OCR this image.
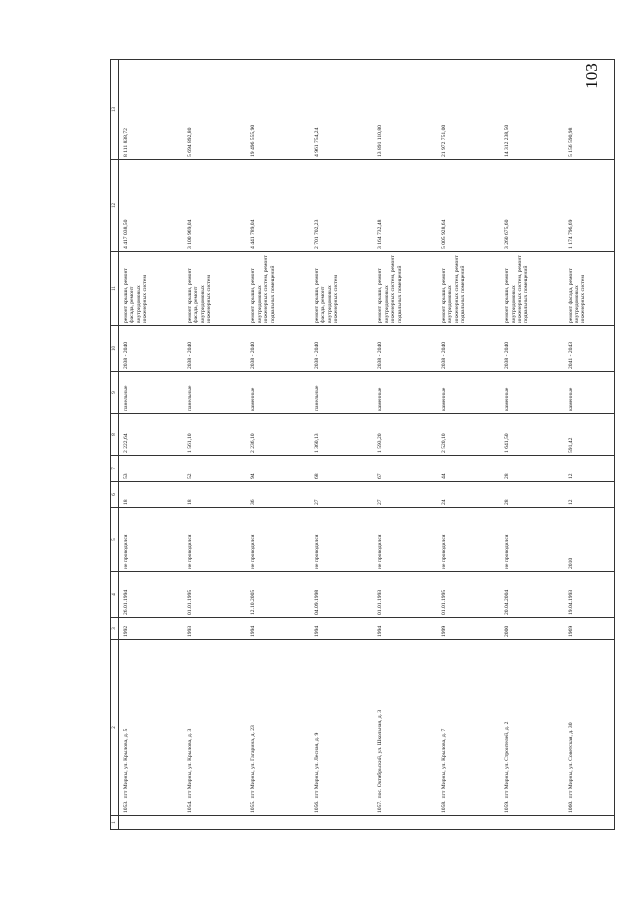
103
1	2	3	4	5	6	7	8	9	10	11	12	13
	1053.пгт Мирны, ул. Крылова, д. 5	1992	26.01.1994	не проводился	18	53	2 222,64	панельные	2038 - 2040	ремонт крыши, ремонт фасада, ремонт внутридомовых инженерных систем	4 417 038,50	8 111 838,72
	1054.пгт Мирны, ул. Крылова, д. 3	1993	01.01.1995	не проводился	18	52	1 561,10	панельные	2038 - 2040	ремонт крыши, ремонт фасада, ремонт внутридомовых инженерных систем	3 100 969,04	5 694 892,80
	1055.пгт Мирны, ул. Гагарина, д. 23	1994	12.10.2005	не проводился	36	94	2 236,10	каменные	2038 - 2040	ремонт крыши, ремонт внутридомовых инженерных систем, ремонт подвальных помещений	4 441 789,04	19 496 555,90
	1056.пгт Мирны, ул. Лесная, д. 9	1994	04.09.1998	не проводился	27	68	1 360,13	панельные	2038 - 2040	ремонт крыши, ремонт фасада, ремонт внутридомовых инженерных систем	2 701 702,23	4 961 754,24
	1057.пос. Октябрьский, ул. Школьная, д. 3	1994	01.01.1993	не проводился	27	67	1 593,20	каменные	2038 - 2040	ремонт крыши, ремонт внутридомовых инженерных систем, ремонт подвальных помещений	3 164 732,48	13 891 110,80
	1058.пгт Мирны, ул. Крылова, д. 7	1999	01.01.1995	не проводился	24	44	2 520,10	каменные	2038 - 2040	ремонт крыши, ремонт внутридомовых инженерных систем, ремонт подвальных помещений	5 005 928,64	21 972 751,00
	1059.пгт Мирны, ул. Строителей, д. 2	2000	20.04.2004	не проводился	28	28	1 641,50	каменные	2038 - 2040	ремонт крыши, ремонт внутридомовых инженерных систем, ремонт подвальных помещений	3 260 675,60	14 312 238,50
	1060.пгт Мирны, ул. Советская, д. 30	1969	19.04.1993	2010	12	12	591,42	каменные	2041 - 2043	ремонт фасада, ремонт внутридомовых инженерных систем	1 174 796,69	5 156 590,98
